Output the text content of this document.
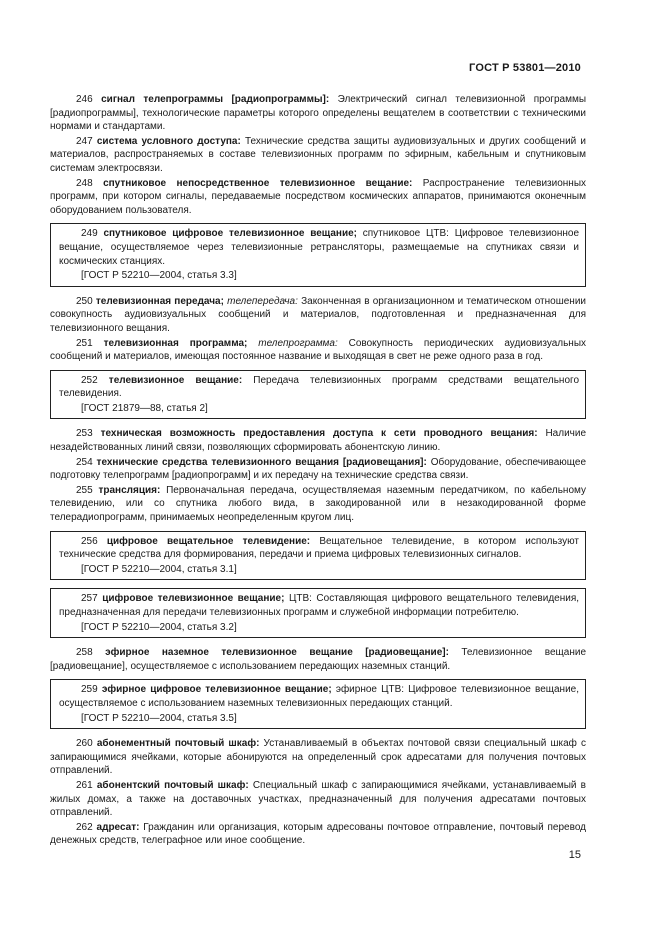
ГОСТ Р 53801—2010
246 сигнал телепрограммы [радиопрограммы]: Электрический сигнал телевизионной программы [радиопрограммы], технологические параметры которого определены вещателем в соответствии с техническими нормами и стандартами.
247 система условного доступа: Технические средства защиты аудиовизуальных и других сообщений и материалов, распространяемых в составе телевизионных программ по эфирным, кабельным и спутниковым системам электросвязи.
248 спутниковое непосредственное телевизионное вещание: Распространение телевизионных программ, при котором сигналы, передаваемые посредством космических аппаратов, принимаются оконечным оборудованием пользователя.
249 спутниковое цифровое телевизионное вещание; спутниковое ЦТВ: Цифровое телевизионное вещание, осуществляемое через телевизионные ретрансляторы, размещаемые на спутниках связи и космических станциях.
[ГОСТ Р 52210—2004, статья 3.3]
250 телевизионная передача; телепередача: Законченная в организационном и тематическом отношении совокупность аудиовизуальных сообщений и материалов, подготовленная и предназначенная для телевизионного вещания.
251 телевизионная программа; телепрограмма: Совокупность периодических аудиовизуальных сообщений и материалов, имеющая постоянное название и выходящая в свет не реже одного раза в год.
252 телевизионное вещание: Передача телевизионных программ средствами вещательного телевидения.
[ГОСТ 21879—88, статья 2]
253 техническая возможность предоставления доступа к сети проводного вещания: Наличие незадействованных линий связи, позволяющих сформировать абонентскую линию.
254 технические средства телевизионного вещания [радиовещания]: Оборудование, обеспечивающее подготовку телепрограмм [радиопрограмм] и их передачу на технические средства связи.
255 трансляция: Первоначальная передача, осуществляемая наземным передатчиком, по кабельному телевидению, или со спутника любого вида, в закодированной или в незакодированной форме телерадиопрограмм, принимаемых неопределенным кругом лиц.
256 цифровое вещательное телевидение: Вещательное телевидение, в котором используют технические средства для формирования, передачи и приема цифровых телевизионных сигналов.
[ГОСТ Р 52210—2004, статья 3.1]
257 цифровое телевизионное вещание; ЦТВ: Составляющая цифрового вещательного телевидения, предназначенная для передачи телевизионных программ и служебной информации потребителю.
[ГОСТ Р 52210—2004, статья 3.2]
258 эфирное наземное телевизионное вещание [радиовещание]: Телевизионное вещание [радиовещание], осуществляемое с использованием передающих наземных станций.
259 эфирное цифровое телевизионное вещание; эфирное ЦТВ: Цифровое телевизионное вещание, осуществляемое с использованием наземных телевизионных передающих станций.
[ГОСТ Р 52210—2004, статья 3.5]
260 абонементный почтовый шкаф: Устанавливаемый в объектах почтовой связи специальный шкаф с запирающимися ячейками, которые абонируются на определенный срок адресатами для получения почтовых отправлений.
261 абонентский почтовый шкаф: Специальный шкаф с запирающимися ячейками, устанавливаемый в жилых домах, а также на доставочных участках, предназначенный для получения адресатами почтовых отправлений.
262 адресат: Гражданин или организация, которым адресованы почтовое отправление, почтовый перевод денежных средств, телеграфное или иное сообщение.
15
